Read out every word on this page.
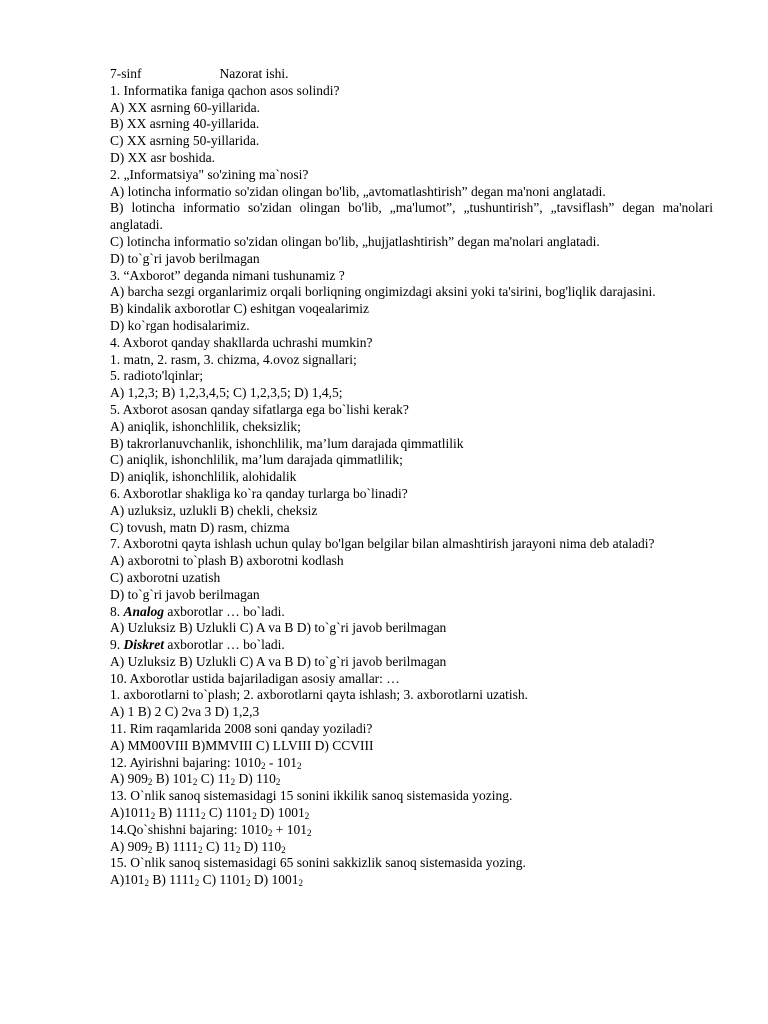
7-sinf	Nazorat ishi.
1. Informatika faniga qachon asos solindi?
A) XX asrning 60-yillarida.
B) XX asrning 40-yillarida.
C) XX asrning 50-yillarida.
D) XX asr boshida.
2. „Informatsiya" so'zining ma`nosi?
A) lotincha informatio so'zidan olingan bo'lib, „avtomatlashtirish” degan ma'noni anglatadi.
B) lotincha informatio so'zidan olingan bo'lib, „ma'lumot”, „tushuntirish”, „tavsiflash” degan ma'nolari anglatadi.
C) lotincha informatio so'zidan olingan bo'lib, „hujjatlashtirish” degan ma'nolari anglatadi.
D) to`g`ri javob berilmagan
3. “Axborot” deganda nimani tushunamiz ?
A) barcha sezgi organlarimiz orqali borliqning ongimizdagi aksini yoki ta'sirini, bog'liqlik darajasini.
B) kindalik axborotlar C) eshitgan voqealarimiz
D) ko`rgan hodisalarimiz.
4. Axborot qanday shakllarda uchrashi mumkin?
1. matn, 2. rasm, 3. chizma, 4.ovoz signallari;
5. radioto'lqinlar;
A) 1,2,3; B) 1,2,3,4,5; C) 1,2,3,5; D) 1,4,5;
5. Axborot asosan qanday sifatlarga ega bo`lishi kerak?
A) aniqlik, ishonchlilik, cheksizlik;
B) takrorlanuvchanlik, ishonchlilik, ma’lum darajada qimmatlilik
C) aniqlik, ishonchlilik, ma’lum darajada qimmatlilik;
D) aniqlik, ishonchlilik, alohidalik
6. Axborotlar shakliga ko`ra qanday turlarga bo`linadi?
A) uzluksiz, uzlukli B) chekli, cheksiz
C) tovush, matn D) rasm, chizma
7. Axborotni qayta ishlash uchun qulay bo'lgan belgilar bilan almashtirish jarayoni nima deb ataladi?
A) axborotni to`plash B) axborotni kodlash
C) axborotni uzatish
D) to`g`ri javob berilmagan
8. Analog axborotlar … bo`ladi.
A) Uzluksiz B) Uzlukli C) A va B D) to`g`ri javob berilmagan
9. Diskret axborotlar … bo`ladi.
A) Uzluksiz B) Uzlukli C) A va B D) to`g`ri javob berilmagan
10. Axborotlar ustida bajariladigan asosiy amallar: …
1. axborotlarni to`plash; 2. axborotlarni qayta ishlash; 3. axborotlarni uzatish.
A) 1 B) 2 C) 2va 3 D) 1,2,3
11. Rim raqamlarida 2008 soni qanday yoziladi?
A) MM00VIII B)MMVIII C) LLVIII D) CCVIII
12. Ayirishni bajaring: $1010_2 - 101_2$
A) $909_2$ B) $101_2$ C) $11_2$ D) $110_2$
13. O`nlik sanoq sistemasidagi 15 sonini ikkilik sanoq sistemasida yozing.
$A)1011_2$ B) $1111_2$ C) $1101_2$ D) $1001_2$
14.Qo`shishni bajaring: $1010_2 + 101_2$
A) $909_2$ B) $1111_2$ C) $11_2$ D) $110_2$
15. O`nlik sanoq sistemasidagi 65 sonini sakkizlik sanoq sistemasida yozing.
$A)101_2$ B) $1111_2$ C) $1101_2$ D) $1001_2$
